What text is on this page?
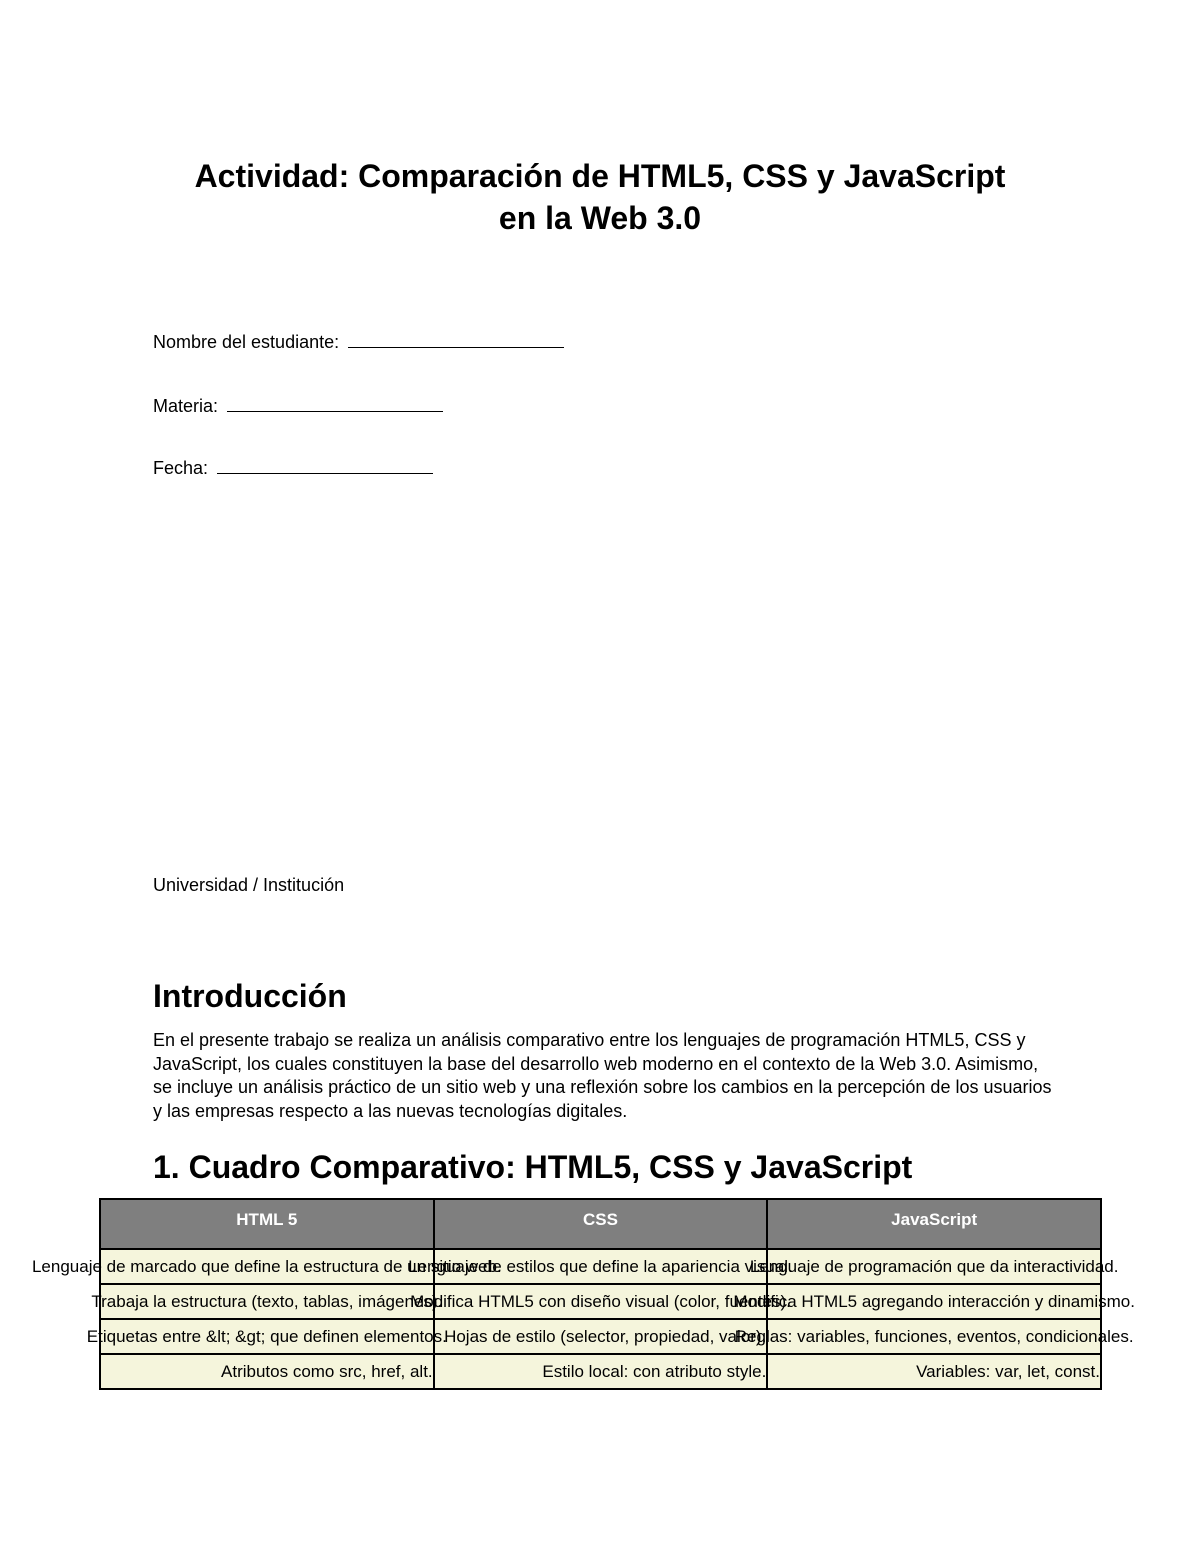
Actividad: Comparación de HTML5, CSS y JavaScript
en la Web 3.0
Nombre del estudiante:
Materia:
Fecha:
Universidad / Institución
Introducción

En el presente trabajo se realiza un análisis comparativo entre los lenguajes de programación HTML5, CSS y JavaScript, los cuales constituyen la base del desarrollo web moderno en el contexto de la Web 3.0. Asimismo, se incluye un análisis práctico de un sitio web y una reflexión sobre los cambios en la percepción de los usuarios y las empresas respecto a las nuevas tecnologías digitales.

1. Cuadro Comparativo: HTML5, CSS y JavaScript
HTML 5	CSS	JavaScript
Lenguaje de marcado que define la estructura de un sitio web.	Lenguaje de estilos que define la apariencia visual.	Lenguaje de programación que da interactividad.
Trabaja la estructura (texto, tablas, imágenes).	Modifica HTML5 con diseño visual (color, fuentes).	Modifica HTML5 agregando interacción y dinamismo.
Etiquetas entre &lt; &gt; que definen elementos.	Hojas de estilo (selector, propiedad, valor).	Reglas: variables, funciones, eventos, condicionales.
Atributos como src, href, alt.	Estilo local: con atributo style.	Variables: var, let, const.
